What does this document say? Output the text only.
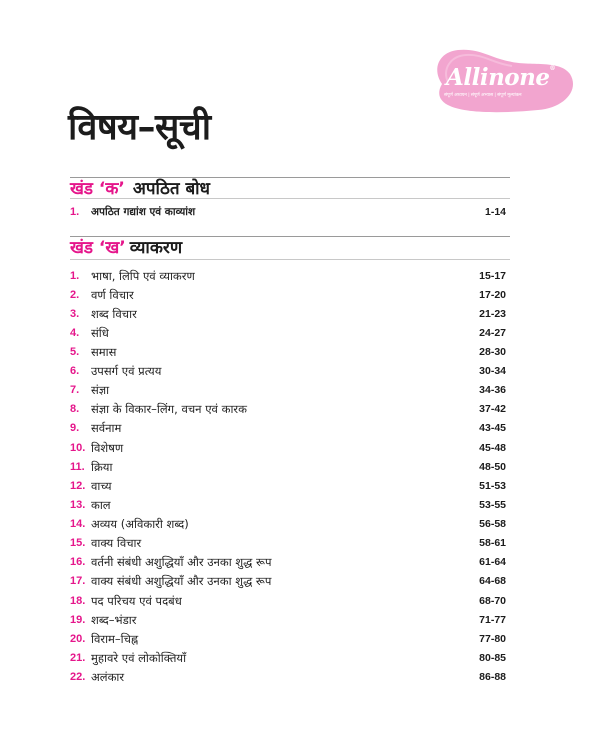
Allinone®
संपूर्ण अध्ययन | संपूर्ण अभ्यास | संपूर्ण मूल्यांकन
विषय–सूची
खंड ‘क’ अपठित बोध
1. अपठित गद्यांश एवं काव्यांश	1-14
खंड ‘ख’ व्याकरण
1. भाषा, लिपि एवं व्याकरण	15-17
2. वर्ण विचार	17-20
3. शब्द विचार	21-23
4. संधि	24-27
5. समास	28-30
6. उपसर्ग एवं प्रत्यय	30-34
7. संज्ञा	34-36
8. संज्ञा के विकार–लिंग, वचन एवं कारक	37-42
9. सर्वनाम	43-45
10. विशेषण	45-48
11. क्रिया	48-50
12. वाच्य	51-53
13. काल	53-55
14. अव्यय (अविकारी शब्द)	56-58
15. वाक्य विचार	58-61
16. वर्तनी संबंधी अशुद्धियाँ और उनका शुद्ध रूप	61-64
17. वाक्य संबंधी अशुद्धियाँ और उनका शुद्ध रूप	64-68
18. पद परिचय एवं पदबंध	68-70
19. शब्द–भंडार	71-77
20. विराम–चिह्न	77-80
21. मुहावरे एवं लोकोक्तियाँ	80-85
22. अलंकार	86-88
